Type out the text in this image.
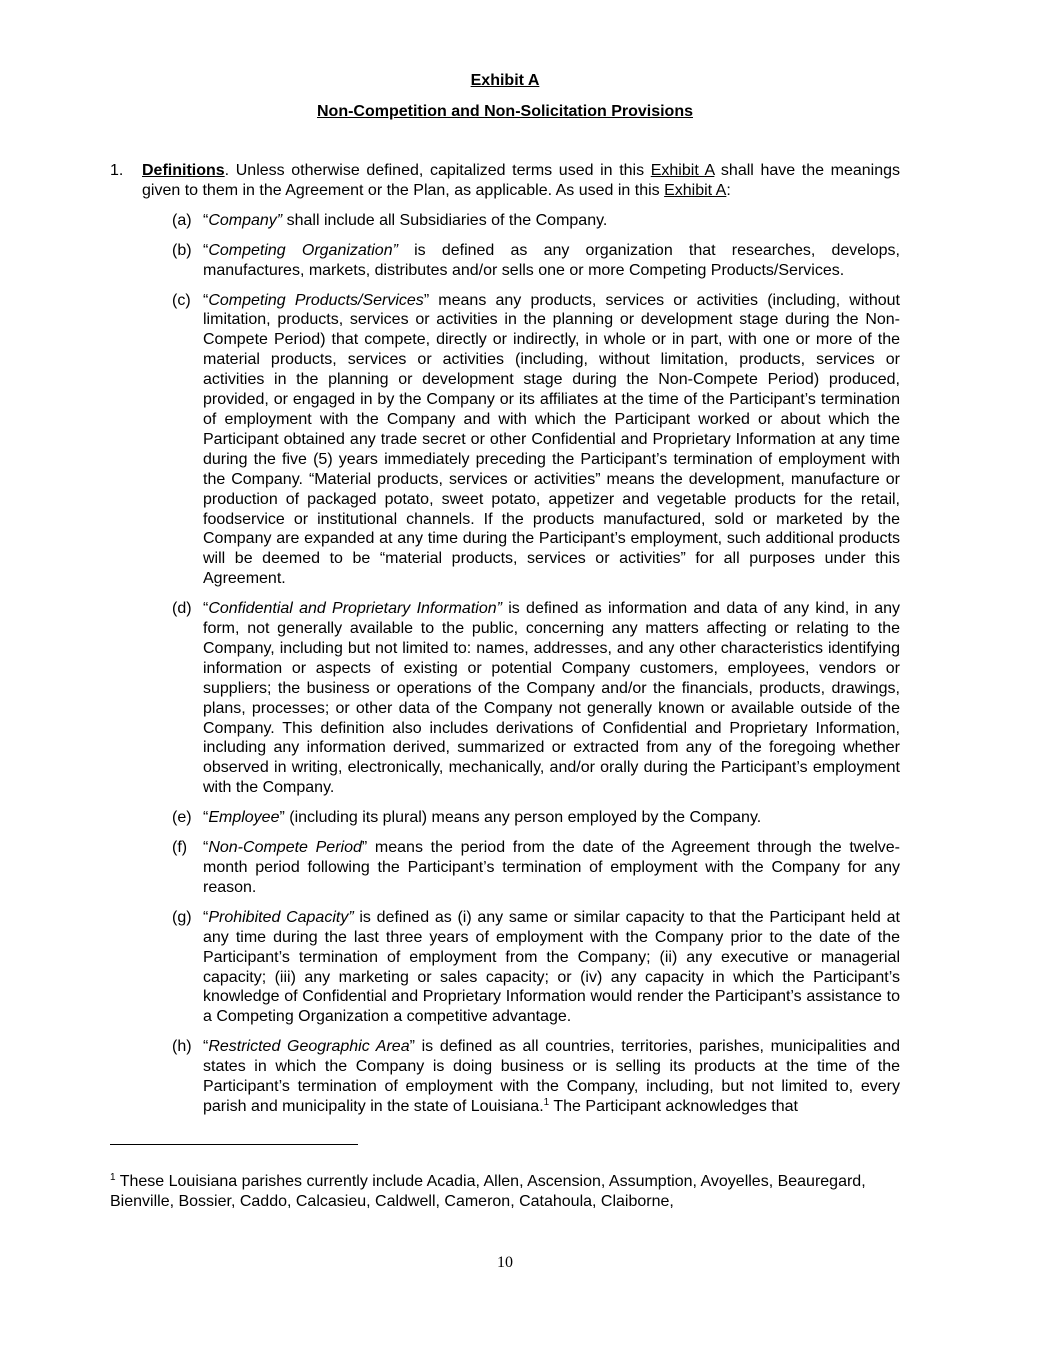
Exhibit A
Non-Competition and Non-Solicitation Provisions

1. Definitions. Unless otherwise defined, capitalized terms used in this Exhibit A shall have the meanings given to them in the Agreement or the Plan, as applicable. As used in this Exhibit A:

(a) “Company” shall include all Subsidiaries of the Company.
(b) “Competing Organization” is defined as any organization that researches, develops, manufactures, markets, distributes and/or sells one or more Competing Products/Services.
(c) “Competing Products/Services” means any products, services or activities (including, without limitation, products, services or activities in the planning or development stage during the Non-Compete Period) that compete, directly or indirectly, in whole or in part, with one or more of the material products, services or activities (including, without limitation, products, services or activities in the planning or development stage during the Non-Compete Period) produced, provided, or engaged in by the Company or its affiliates at the time of the Participant’s termination of employment with the Company and with which the Participant worked or about which the Participant obtained any trade secret or other Confidential and Proprietary Information at any time during the five (5) years immediately preceding the Participant’s termination of employment with the Company. “Material products, services or activities” means the development, manufacture or production of packaged potato, sweet potato, appetizer and vegetable products for the retail, foodservice or institutional channels. If the products manufactured, sold or marketed by the Company are expanded at any time during the Participant’s employment, such additional products will be deemed to be “material products, services or activities” for all purposes under this Agreement.
(d) “Confidential and Proprietary Information” is defined as information and data of any kind, in any form, not generally available to the public, concerning any matters affecting or relating to the Company, including but not limited to: names, addresses, and any other characteristics identifying information or aspects of existing or potential Company customers, employees, vendors or suppliers; the business or operations of the Company and/or the financials, products, drawings, plans, processes; or other data of the Company not generally known or available outside of the Company. This definition also includes derivations of Confidential and Proprietary Information, including any information derived, summarized or extracted from any of the foregoing whether observed in writing, electronically, mechanically, and/or orally during the Participant’s employment with the Company.
(e) “Employee” (including its plural) means any person employed by the Company.
(f) “Non-Compete Period” means the period from the date of the Agreement through the twelve-month period following the Participant’s termination of employment with the Company for any reason.
(g) “Prohibited Capacity” is defined as (i) any same or similar capacity to that the Participant held at any time during the last three years of employment with the Company prior to the date of the Participant’s termination of employment from the Company; (ii) any executive or managerial capacity; (iii) any marketing or sales capacity; or (iv) any capacity in which the Participant’s knowledge of Confidential and Proprietary Information would render the Participant’s assistance to a Competing Organization a competitive advantage.
(h) “Restricted Geographic Area” is defined as all countries, territories, parishes, municipalities and states in which the Company is doing business or is selling its products at the time of the Participant’s termination of employment with the Company, including, but not limited to, every parish and municipality in the state of Louisiana.$^1$ The Participant acknowledges that
$^1$ These Louisiana parishes currently include Acadia, Allen, Ascension, Assumption, Avoyelles, Beauregard, Bienville, Bossier, Caddo, Calcasieu, Caldwell, Cameron, Catahoula, Claiborne,
10
